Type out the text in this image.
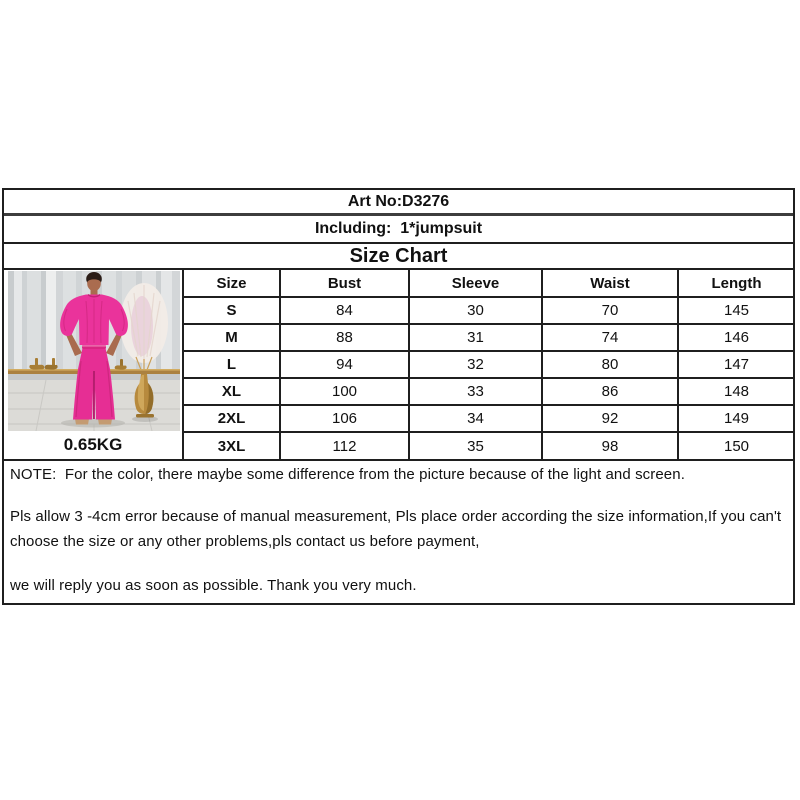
Art No:D3276
Including:  1*jumpsuit
Size Chart
0.65KG
Size	Bust	Sleeve	Waist	Length
S	84	30	70	145
M	88	31	74	146
L	94	32	80	147
XL	100	33	86	148
2XL	106	34	92	149
3XL	112	35	98	150

NOTE:  For the color, there maybe some difference from the picture because of the light and screen.

Pls allow 3 -4cm error because of manual measurement, Pls place order according the size information,If you can't

choose the size or any other problems,pls contact us before payment,

we will reply you as soon as possible. Thank you very much.
